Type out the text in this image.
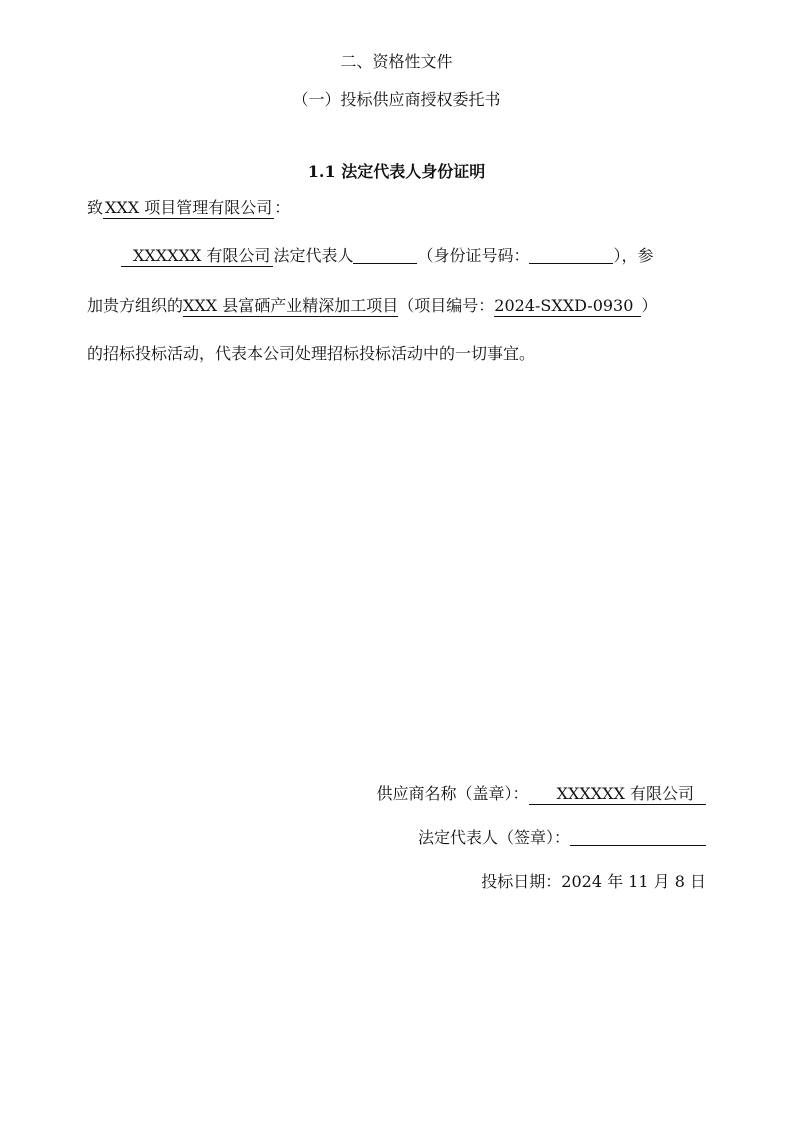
二、资格性文件
（一）投标供应商授权委托书
1.1 法定代表人身份证明
致 XXX 项目管理有限公司 ：
XXXXXX 有限公司 法定代表人	（身份证号码：	），参
加贵方组织的XXX 县富硒产业精深加工项目（项目编号：2024-SXXD-0930 ）
的招标投标活动，代表本公司处理招标投标活动中的一切事宜。
供应商名称（盖章）： XXXXXX 有限公司
法定代表人（签章）：
投标日期：2024 年 11 月 8 日
